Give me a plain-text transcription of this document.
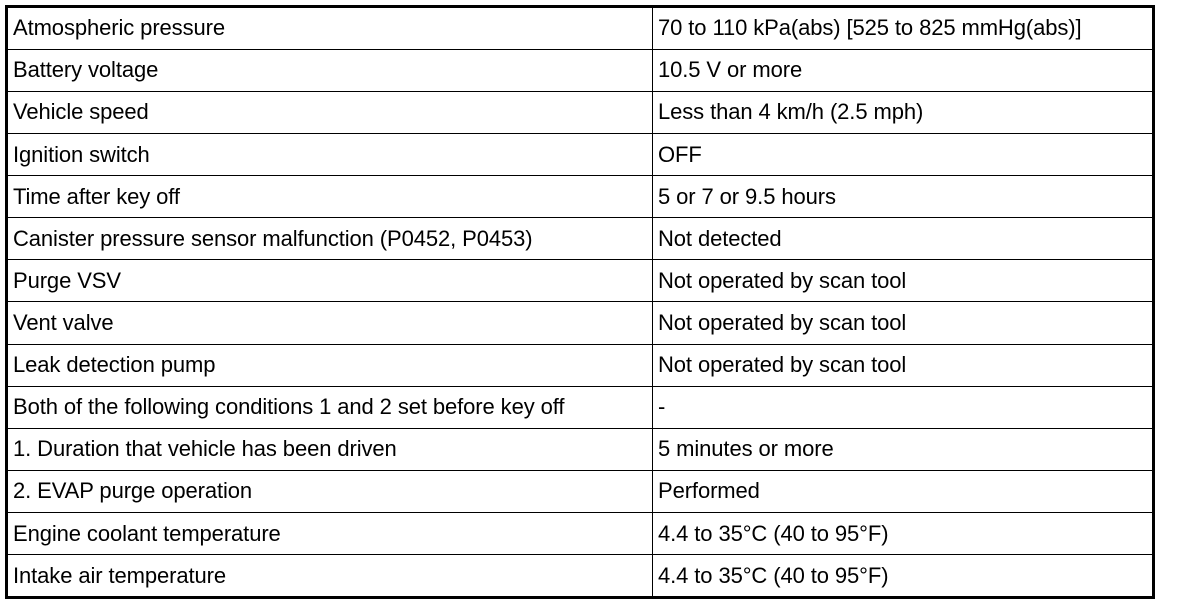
Atmospheric pressure	70 to 110 kPa(abs) [525 to 825 mmHg(abs)]
Battery voltage	10.5 V or more
Vehicle speed	Less than 4 km/h (2.5 mph)
Ignition switch	OFF
Time after key off	5 or 7 or 9.5 hours
Canister pressure sensor malfunction (P0452, P0453)	Not detected
Purge VSV	Not operated by scan tool
Vent valve	Not operated by scan tool
Leak detection pump	Not operated by scan tool
Both of the following conditions 1 and 2 set before key off	-
1. Duration that vehicle has been driven	5 minutes or more
2. EVAP purge operation	Performed
Engine coolant temperature	4.4 to 35°C (40 to 95°F)
Intake air temperature	4.4 to 35°C (40 to 95°F)
